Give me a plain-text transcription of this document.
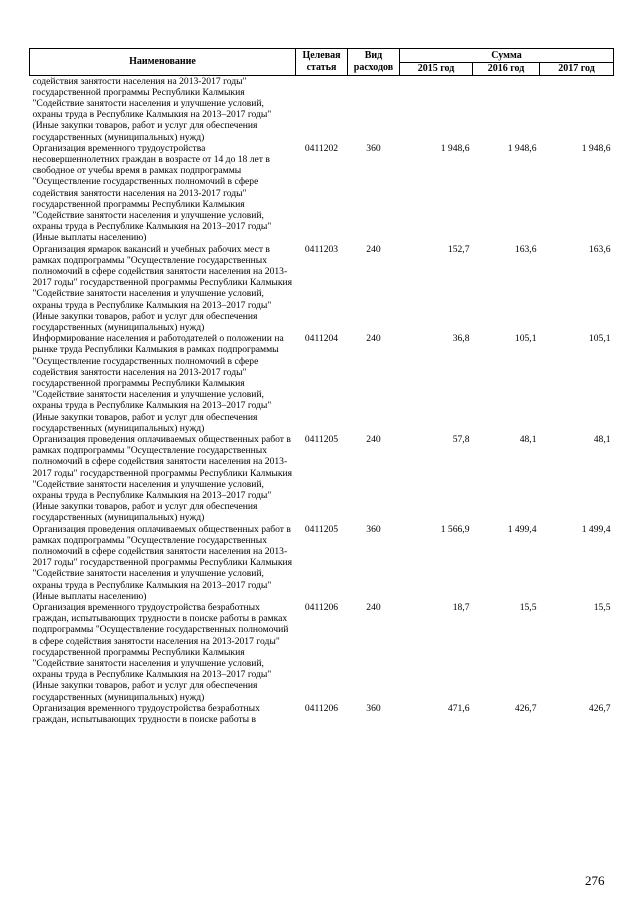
Наименование	Целевая статья	Вид расходов	Сумма		
			2015 год	2016 год	2017 год
содействия занятости населения на 2013-2017 годы" государственной программы Республики Калмыкия "Содействие занятости населения и улучшение условий, охраны труда в Республике Калмыкия на 2013–2017 годы"(Иные закупки товаров, работ и услуг для обеспечения государственных (муниципальных) нужд)					
Организация временного трудоустройства несовершеннолетних граждан в возрасте от 14 до 18 лет в свободное от учебы время в рамках подпрограммы "Осуществление государственных полномочий в сфере содействия занятости населения на 2013-2017 годы" государственной программы Республики Калмыкия "Содействие занятости населения и улучшение условий, охраны труда в Республике Калмыкия на 2013–2017 годы"(Иные выплаты населению)	0411202	360	1 948,6	1 948,6	1 948,6
Организация ярмарок вакансий и учебных рабочих мест в рамках подпрограммы "Осуществление государственных полномочий в сфере содействия занятости населения на 2013-2017 годы" государственной программы Республики Калмыкия "Содействие занятости населения и улучшение условий, охраны труда в Республике Калмыкия на 2013–2017 годы"(Иные закупки товаров, работ и услуг для обеспечения государственных (муниципальных) нужд)	0411203	240	152,7	163,6	163,6
Информирование населения и работодателей о положении на рынке труда Республики Калмыкия в рамках подпрограммы "Осуществление государственных полномочий в сфере содействия занятости населения на 2013-2017 годы" государственной программы Республики Калмыкия "Содействие занятости населения и улучшение условий, охраны труда в Республике Калмыкия на 2013–2017 годы"(Иные закупки товаров, работ и услуг для обеспечения государственных (муниципальных) нужд)	0411204	240	36,8	105,1	105,1
Организация проведения оплачиваемых общественных работ в рамках подпрограммы "Осуществление государственных полномочий в сфере содействия занятости населения на 2013-2017 годы" государственной программы Республики Калмыкия "Содействие занятости населения и улучшение условий, охраны труда в Республике Калмыкия на 2013–2017 годы"(Иные закупки товаров, работ и услуг для обеспечения государственных (муниципальных) нужд)	0411205	240	57,8	48,1	48,1
Организация проведения оплачиваемых общественных работ в рамках подпрограммы "Осуществление государственных полномочий в сфере содействия занятости населения на 2013-2017 годы" государственной программы Республики Калмыкия "Содействие занятости населения и улучшение условий, охраны труда в Республике Калмыкия на 2013–2017 годы"(Иные выплаты населению)	0411205	360	1 566,9	1 499,4	1 499,4
Организация временного трудоустройства безработных граждан, испытывающих трудности в поиске работы в рамках подпрограммы "Осуществление государственных полномочий в сфере содействия занятости населения на 2013-2017 годы" государственной программы Республики Калмыкия "Содействие занятости населения и улучшение условий, охраны труда в Республике Калмыкия на 2013–2017 годы"(Иные закупки товаров, работ и услуг для обеспечения государственных (муниципальных) нужд)	0411206	240	18,7	15,5	15,5
Организация временного трудоустройства безработных граждан, испытывающих трудности в поиске работы в	0411206	360	471,6	426,7	426,7
276
